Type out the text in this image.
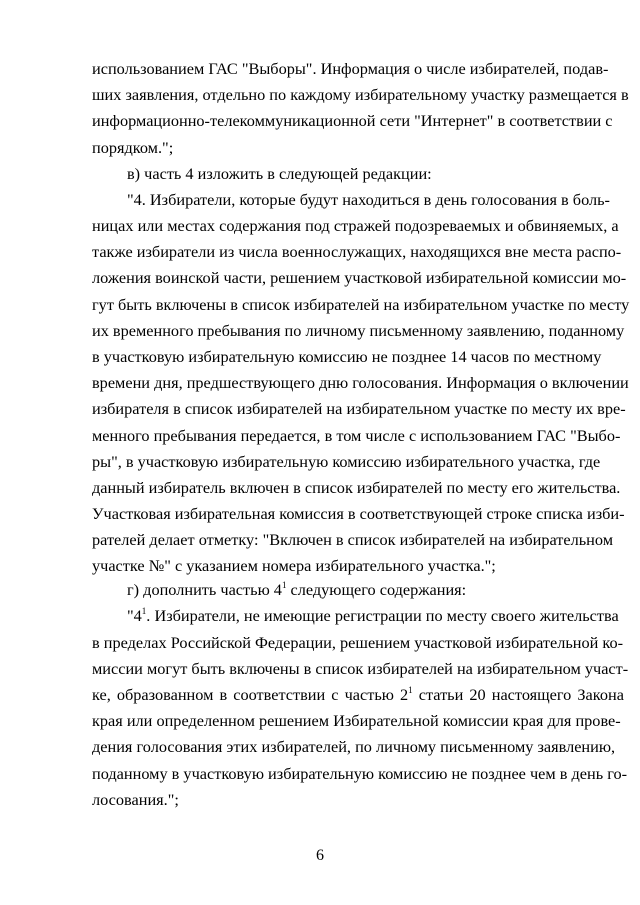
использованием ГАС "Выборы". Информация о числе избирателей, подав-
ших заявления, отдельно по каждому избирательному участку размещается в
информационно-телекоммуникационной сети "Интернет" в соответствии с
порядком.";
в) часть 4 изложить в следующей редакции:
"4. Избиратели, которые будут находиться в день голосования в боль-
ницах или местах содержания под стражей подозреваемых и обвиняемых, а
также избиратели из числа военнослужащих, находящихся вне места распо-
ложения воинской части, решением участковой избирательной комиссии мо-
гут быть включены в список избирателей на избирательном участке по месту
их временного пребывания по личному письменному заявлению, поданному
в участковую избирательную комиссию не позднее 14 часов по местному
времени дня, предшествующего дню голосования. Информация о включении
избирателя в список избирателей на избирательном участке по месту их вре-
менного пребывания передается, в том числе с использованием ГАС "Выбо-
ры", в участковую избирательную комиссию избирательного участка, где
данный избиратель включен в список избирателей по месту его жительства.
Участковая избирательная комиссия в соответствующей строке списка изби-
рателей делает отметку: "Включен в список избирателей на избирательном
участке №" с указанием номера избирательного участка.";
г) дополнить частью $4^1$ следующего содержания:
"$4^1$. Избиратели, не имеющие регистрации по месту своего жительства
в пределах Российской Федерации, решением участковой избирательной ко-
миссии могут быть включены в список избирателей на избирательном участ-
ке, образованном в соответствии с частью $2^1$ статьи 20 настоящего Закона
края или определенном решением Избирательной комиссии края для прове-
дения голосования этих избирателей, по личному письменному заявлению,
поданному в участковую избирательную комиссию не позднее чем в день го-
лосования.";
6
